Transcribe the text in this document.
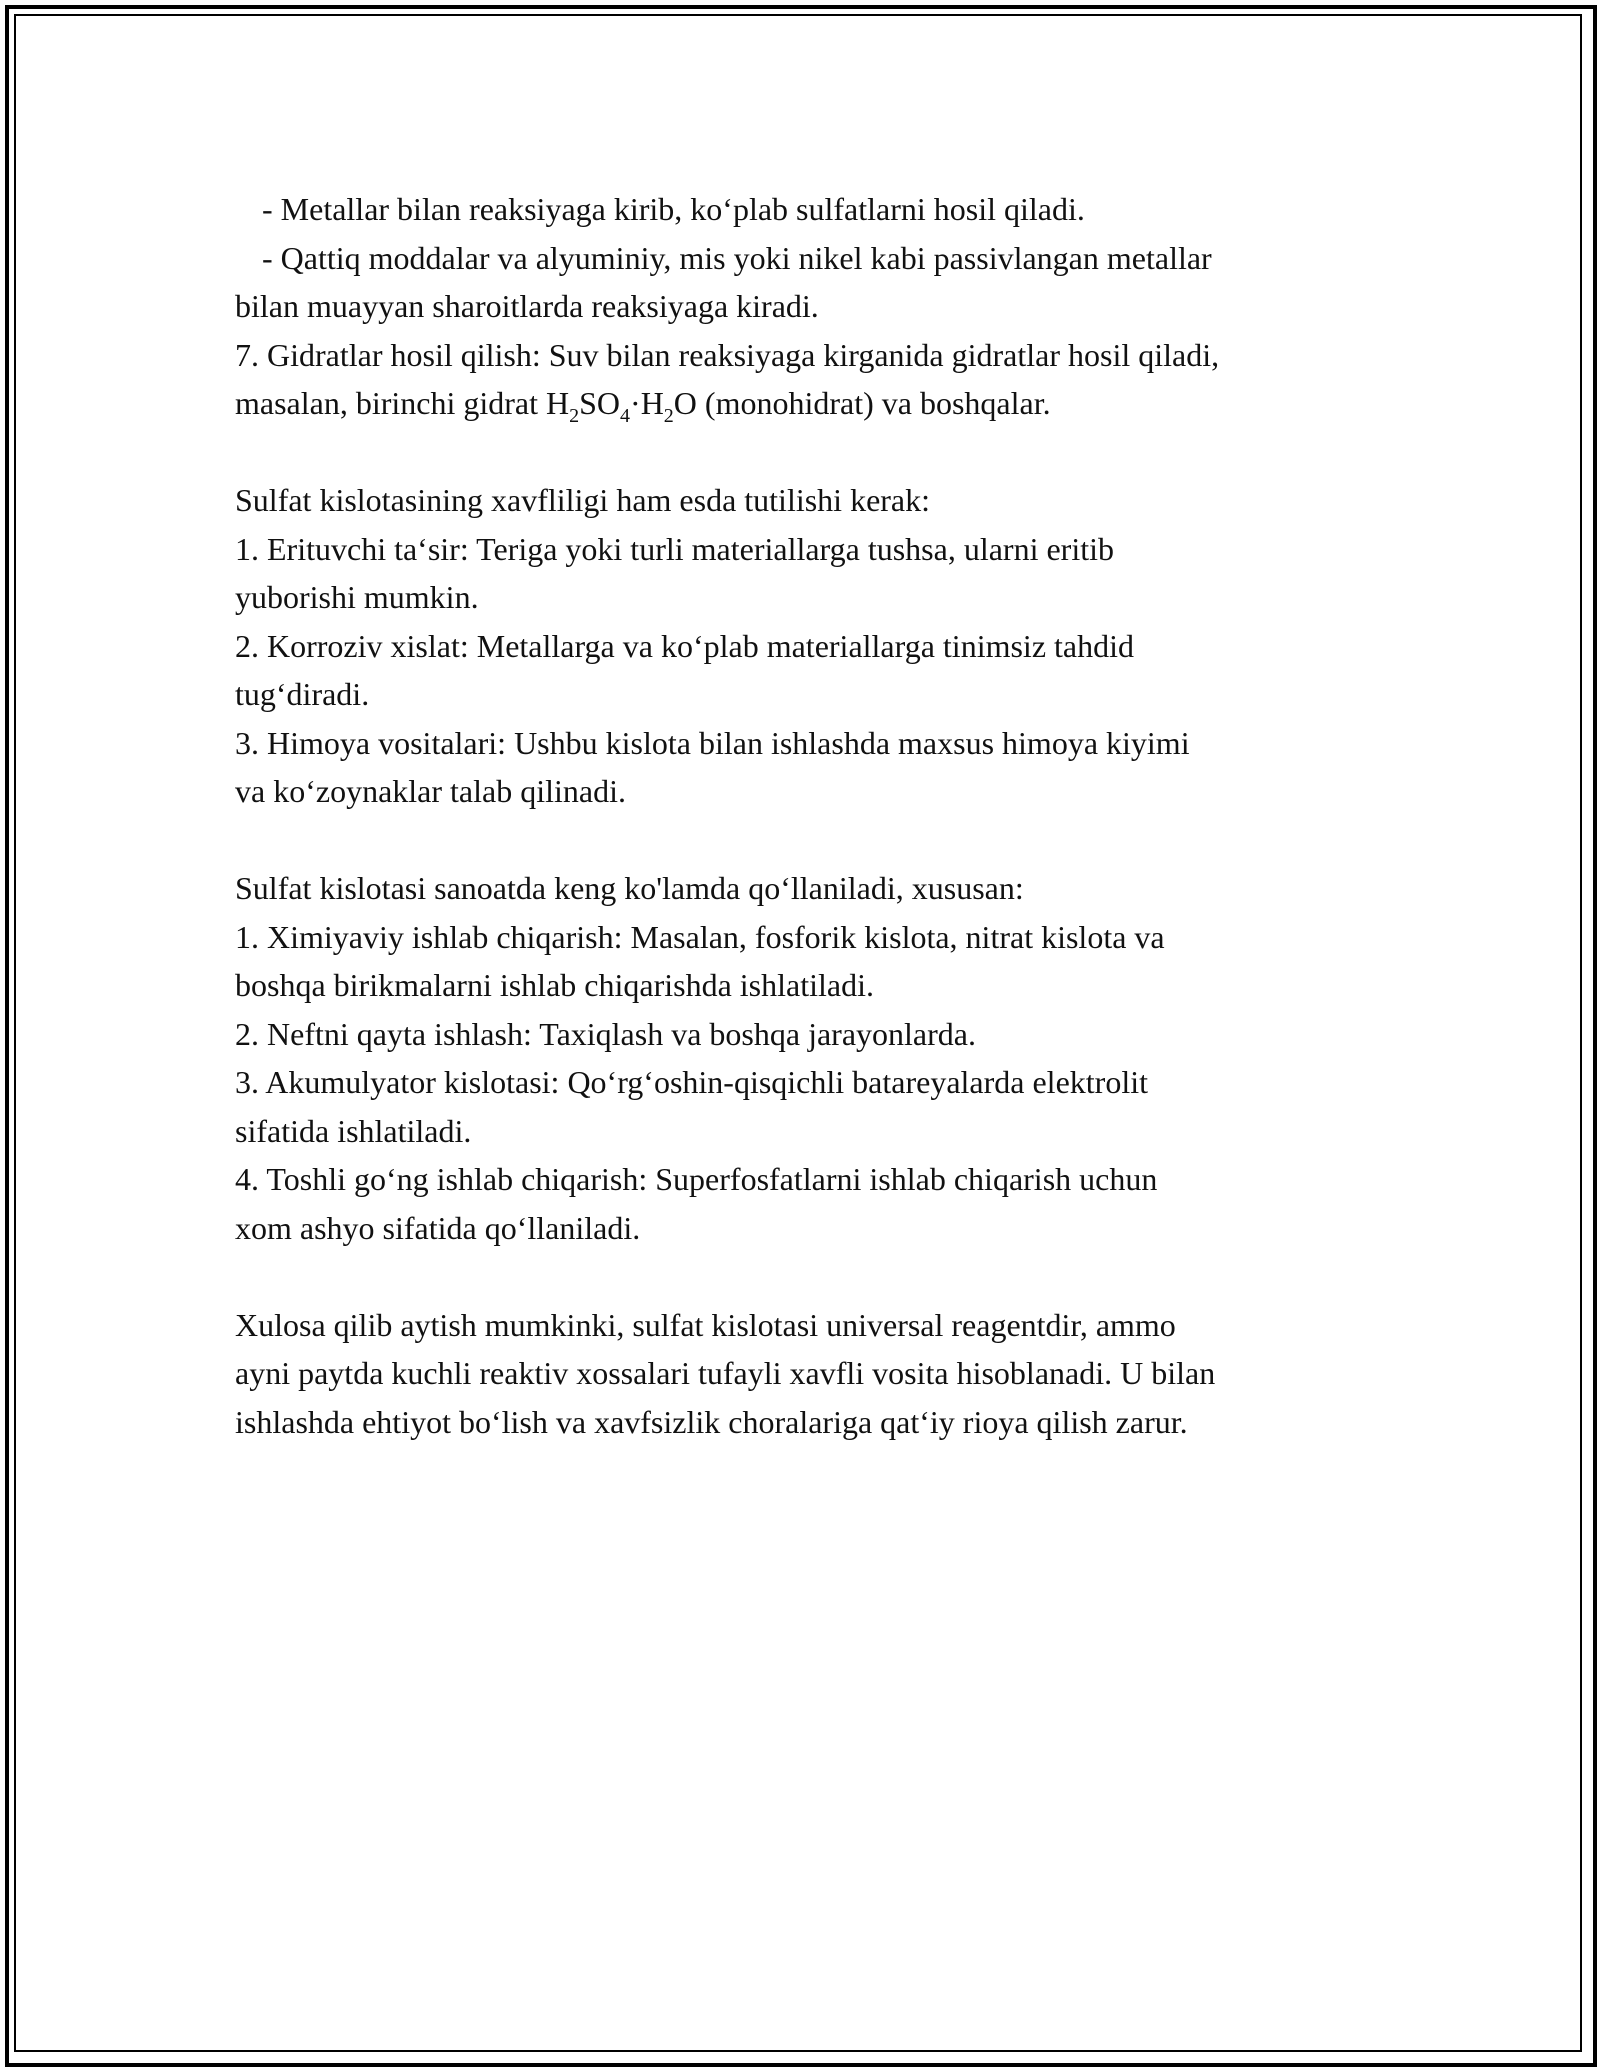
- Metallar bilan reaksiyaga kirib, ko‘plab sulfatlarni hosil qiladi.
- Qattiq moddalar va alyuminiy, mis yoki nikel kabi passivlangan metallar
bilan muayyan sharoitlarda reaksiyaga kiradi.
7. Gidratlar hosil qilish: Suv bilan reaksiyaga kirganida gidratlar hosil qiladi,
masalan, birinchi gidrat $H_2SO_4\cdot H_2O$ (monohidrat) va boshqalar.
Sulfat kislotasining xavfliligi ham esda tutilishi kerak:
1. Erituvchi ta‘sir: Teriga yoki turli materiallarga tushsa, ularni eritib
yuborishi mumkin.
2. Korroziv xislat: Metallarga va ko‘plab materiallarga tinimsiz tahdid
tug‘diradi.
3. Himoya vositalari: Ushbu kislota bilan ishlashda maxsus himoya kiyimi
va ko‘zoynaklar talab qilinadi.
Sulfat kislotasi sanoatda keng ko'lamda qo‘llaniladi, xususan:
1. Ximiyaviy ishlab chiqarish: Masalan, fosforik kislota, nitrat kislota va
boshqa birikmalarni ishlab chiqarishda ishlatiladi.
2. Neftni qayta ishlash: Taxiqlash va boshqa jarayonlarda.
3. Akumulyator kislotasi: Qo‘rg‘oshin-qisqichli batareyalarda elektrolit
sifatida ishlatiladi.
4. Toshli go‘ng ishlab chiqarish: Superfosfatlarni ishlab chiqarish uchun
xom ashyo sifatida qo‘llaniladi.
Xulosa qilib aytish mumkinki, sulfat kislotasi universal reagentdir, ammo
ayni paytda kuchli reaktiv xossalari tufayli xavfli vosita hisoblanadi. U bilan
ishlashda ehtiyot bo‘lish va xavfsizlik choralariga qat‘iy rioya qilish zarur.
